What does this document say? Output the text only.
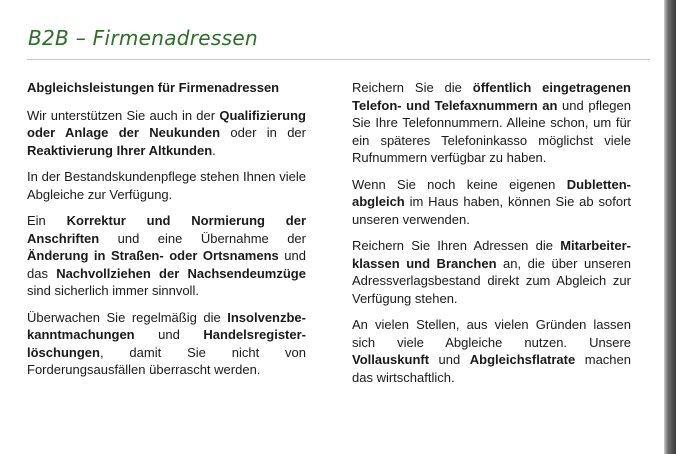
B2B – Firmenadressen

Abgleichsleistungen für Firmenadressen

Wir unterstützen Sie auch in der Qualifizierung oder Anlage der Neukunden oder in der Reaktivierung Ihrer Altkunden.

In der Bestandskundenpflege stehen Ihnen viele Abgleiche zur Verfügung.

Ein Korrektur und Normierung der Anschriften und eine Übernahme der Änderung in Straßen- oder Ortsnamens und das Nachvollziehen der Nachsendeumzüge sind sicherlich immer sinnvoll.

Überwachen Sie regelmäßig die Insolvenzbe-kanntmachungen und Handelsregister-löschungen, damit Sie nicht von Forderungsausfällen überrascht werden.

Reichern Sie die öffentlich eingetragenen Telefon- und Telefaxnummern an und pflegen Sie Ihre Telefonnummern. Alleine schon, um für ein späteres Telefoninkasso möglichst viele Rufnummern verfügbar zu haben.

Wenn Sie noch keine eigenen Dubletten-abgleich im Haus haben, können Sie ab sofort unseren verwenden.

Reichern Sie Ihren Adressen die Mitarbeiter-klassen und Branchen an, die über unseren Adressverlagsbestand direkt zum Abgleich zur Verfügung stehen.

An vielen Stellen, aus vielen Gründen lassen sich viele Abgleiche nutzen. Unsere Vollauskunft und Abgleichsflatrate machen das wirtschaftlich.
